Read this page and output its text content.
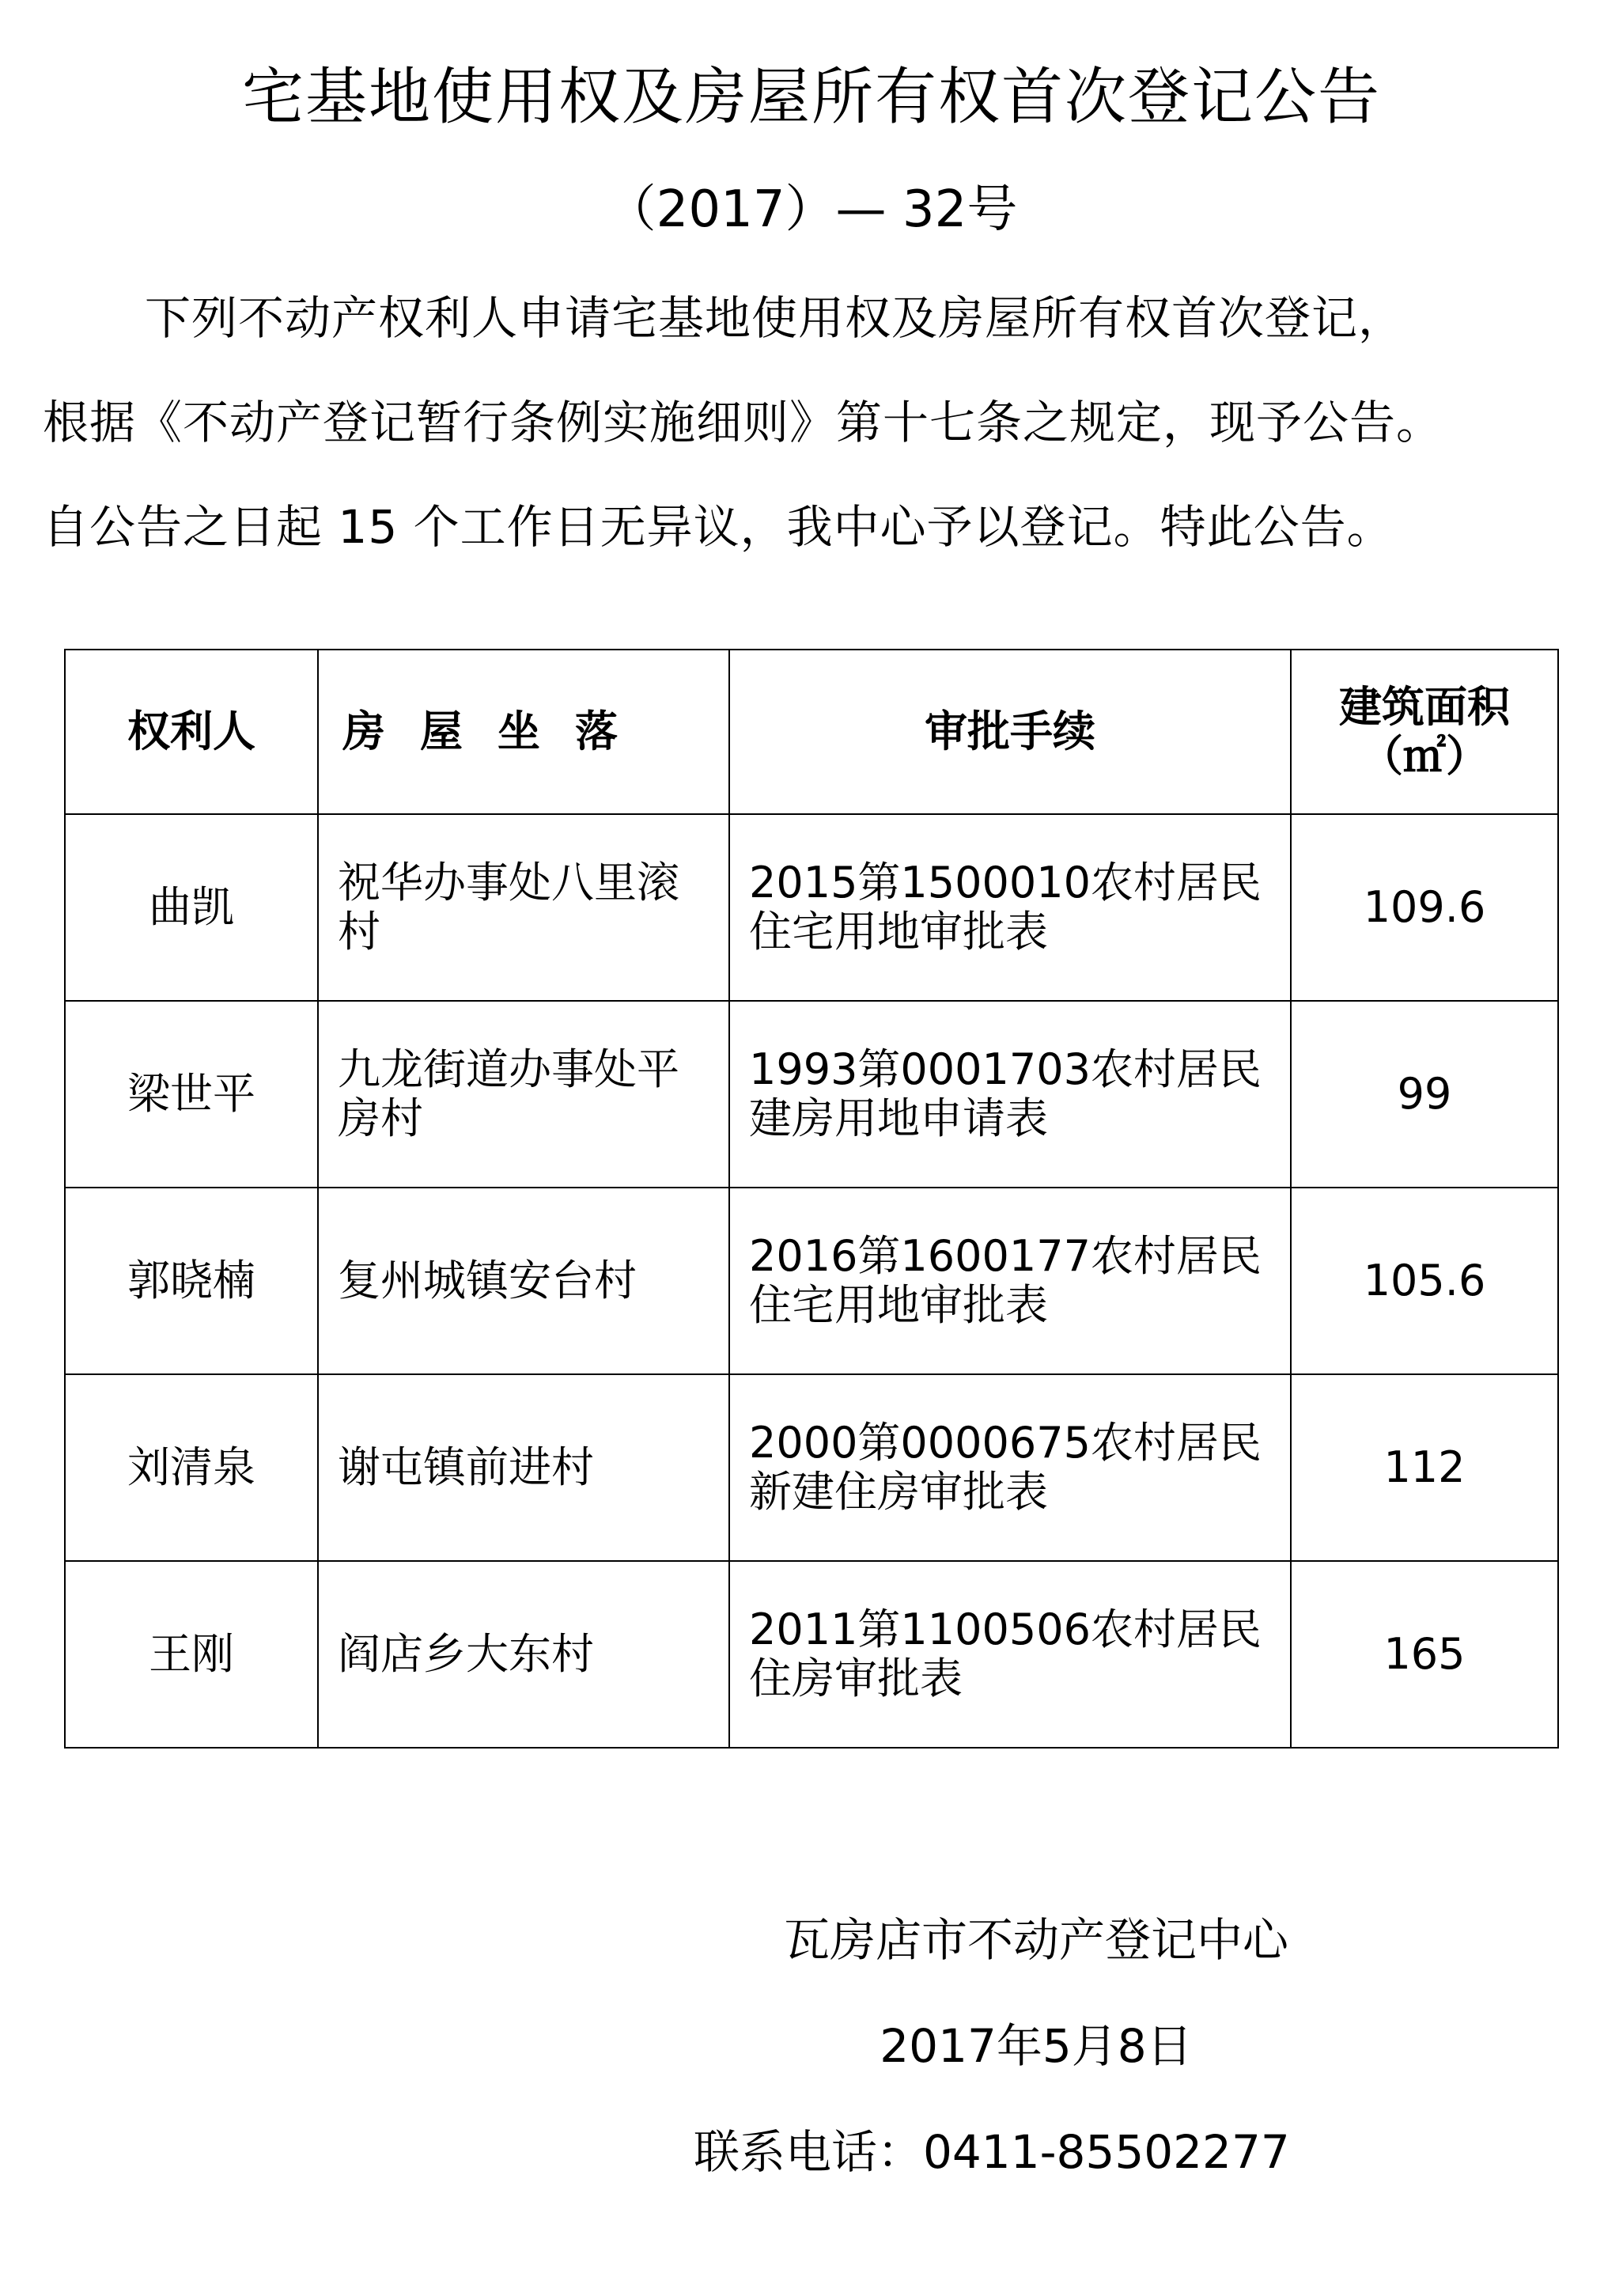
宅基地使用权及房屋所有权首次登记公告
（2017）— 32号
下列不动产权利人申请宅基地使用权及房屋所有权首次登记，
根据《不动产登记暂行条例实施细则》第十七条之规定，现予公告。
自公告之日起 15 个工作日无异议，我中心予以登记。特此公告。
权利人	房屋坐落	审批手续	建筑面积
（㎡）

曲凯	祝华办事处八里滚村	2015第1500010农村居民住宅用地审批表	109.6
梁世平	九龙街道办事处平房村	1993第0001703农村居民建房用地申请表	99
郭晓楠	复州城镇安台村	2016第1600177农村居民住宅用地审批表	105.6
刘清泉	谢屯镇前进村	2000第0000675农村居民新建住房审批表	112
王刚	阎店乡大东村	2011第1100506农村居民住房审批表	165
瓦房店市不动产登记中心
2017年5月8日
联系电话：0411-85502277
